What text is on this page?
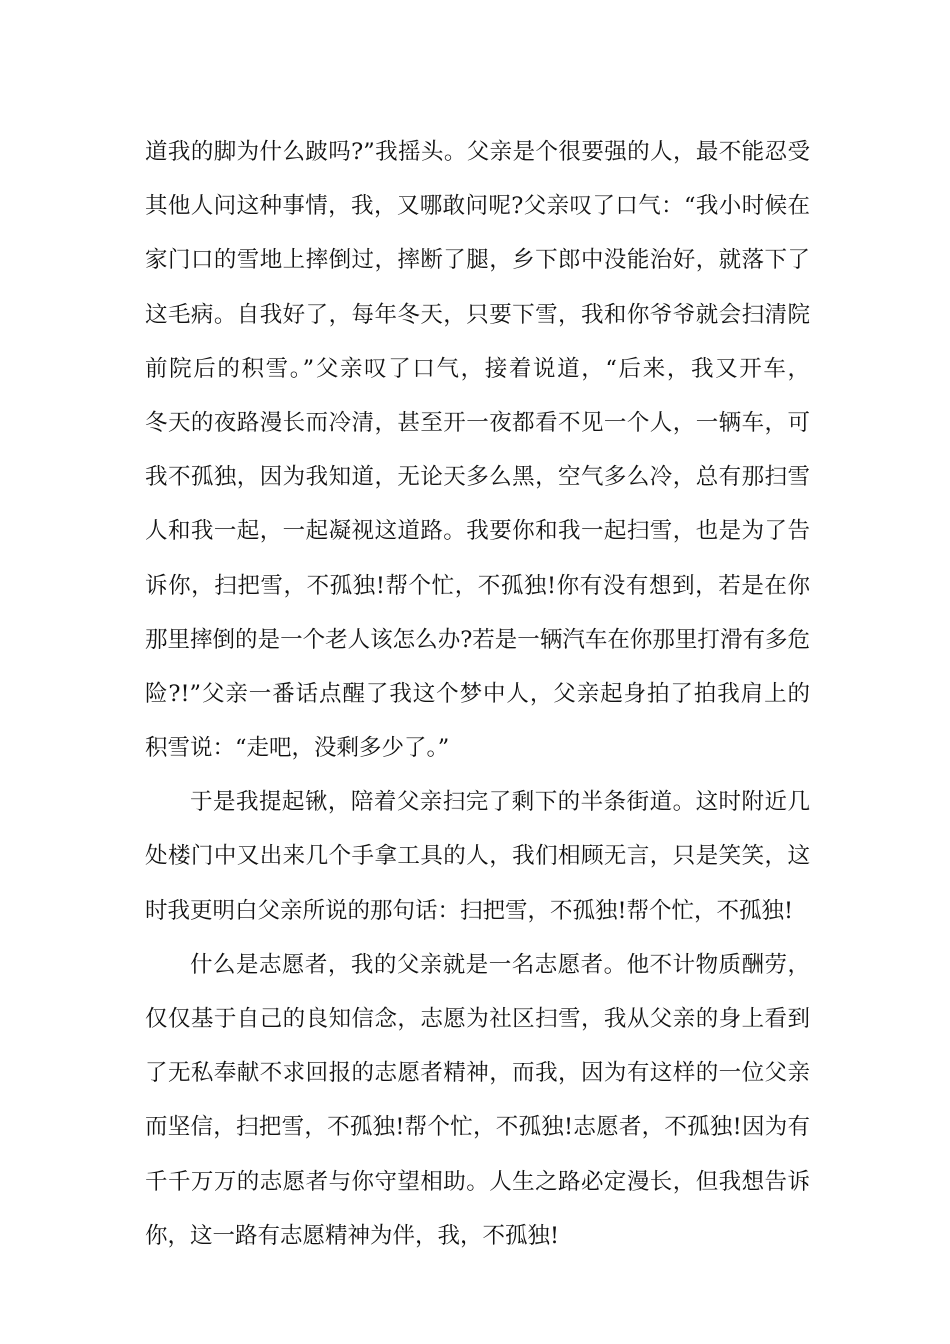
道我的脚为什么跛吗?”我摇头。父亲是个很要强的人，最不能忍受
其他人问这种事情，我，又哪敢问呢?父亲叹了口气：“我小时候在
家门口的雪地上摔倒过，摔断了腿，乡下郎中没能治好，就落下了
这毛病。自我好了，每年冬天，只要下雪，我和你爷爷就会扫清院
前院后的积雪。”父亲叹了口气，接着说道，“后来，我又开车，
冬天的夜路漫长而冷清，甚至开一夜都看不见一个人，一辆车，可
我不孤独，因为我知道，无论天多么黑，空气多么冷，总有那扫雪
人和我一起，一起凝视这道路。我要你和我一起扫雪，也是为了告
诉你，扫把雪，不孤独!帮个忙，不孤独!你有没有想到，若是在你
那里摔倒的是一个老人该怎么办?若是一辆汽车在你那里打滑有多危
险?!”父亲一番话点醒了我这个梦中人，父亲起身拍了拍我肩上的
积雪说：“走吧，没剩多少了。”
于是我提起锹，陪着父亲扫完了剩下的半条街道。这时附近几
处楼门中又出来几个手拿工具的人，我们相顾无言，只是笑笑，这
时我更明白父亲所说的那句话：扫把雪，不孤独!帮个忙，不孤独!
什么是志愿者，我的父亲就是一名志愿者。他不计物质酬劳，
仅仅基于自己的良知信念，志愿为社区扫雪，我从父亲的身上看到
了无私奉献不求回报的志愿者精神，而我，因为有这样的一位父亲
而坚信，扫把雪，不孤独!帮个忙，不孤独!志愿者，不孤独!因为有
千千万万的志愿者与你守望相助。人生之路必定漫长，但我想告诉
你，这一路有志愿精神为伴，我，不孤独!
